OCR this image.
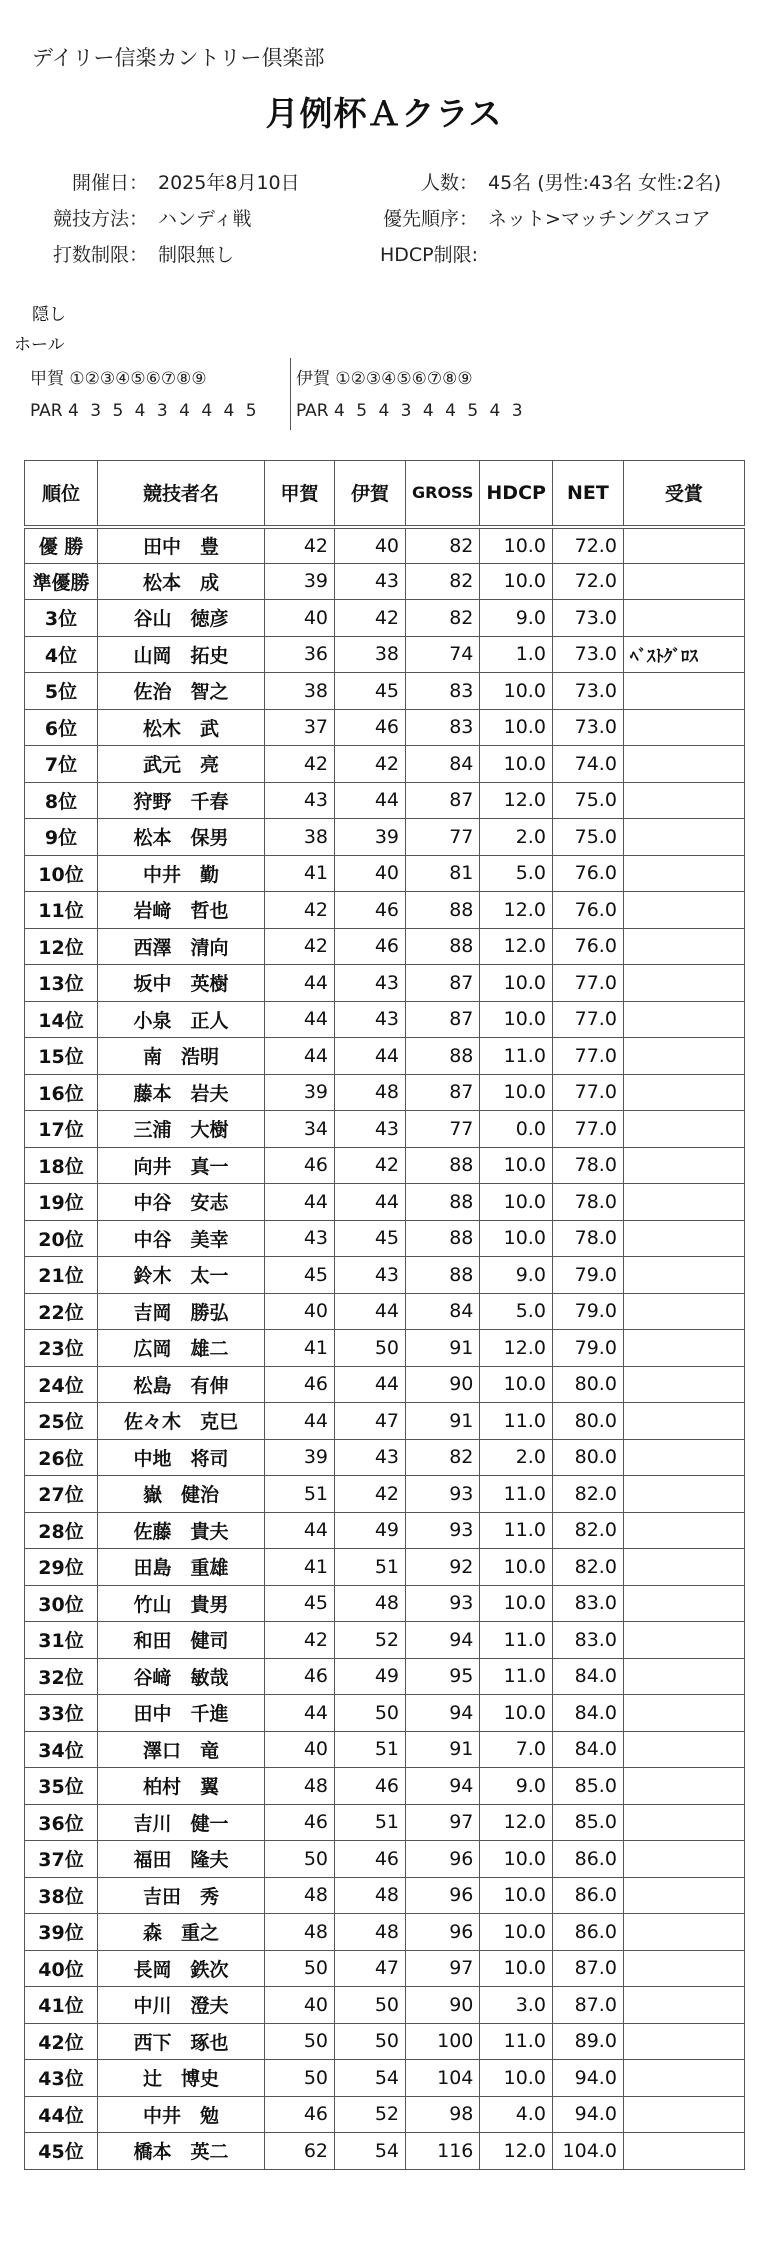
デイリー信楽カントリー倶楽部
月例杯Ａクラス
開催日： 2025年8月10日	人数： 45名 (男性:43名 女性:2名)
競技方法： ハンディ戦	優先順序： ネット>マッチングスコア
打数制限： 制限無し	HDCP制限:
隠し
ホール
甲賀 ①②③④⑤⑥⑦⑧⑨	伊賀 ①②③④⑤⑥⑦⑧⑨
PAR 4 3 5 4 3 4 4 4 5 PAR 4 5 4 3 4 4 5 4 3
順位	競技者名	甲賀	伊賀	GROSS	HDCP	NET	受賞
優 勝	田中　豊	42	40	82	10.0	72.0	
準優勝	松本　成	39	43	82	10.0	72.0	
3位	谷山　徳彦	40	42	82	9.0	73.0	
4位	山岡　拓史	36	38	74	1.0	73.0	ﾍﾞｽﾄｸﾞﾛｽ
5位	佐治　智之	38	45	83	10.0	73.0	
6位	松木　武	37	46	83	10.0	73.0	
7位	武元　亮	42	42	84	10.0	74.0	
8位	狩野　千春	43	44	87	12.0	75.0	
9位	松本　保男	38	39	77	2.0	75.0	
10位	中井　勤	41	40	81	5.0	76.0	
11位	岩﨑　哲也	42	46	88	12.0	76.0	
12位	西澤　清向	42	46	88	12.0	76.0	
13位	坂中　英樹	44	43	87	10.0	77.0	
14位	小泉　正人	44	43	87	10.0	77.0	
15位	南　浩明	44	44	88	11.0	77.0	
16位	藤本　岩夫	39	48	87	10.0	77.0	
17位	三浦　大樹	34	43	77	0.0	77.0	
18位	向井　真一	46	42	88	10.0	78.0	
19位	中谷　安志	44	44	88	10.0	78.0	
20位	中谷　美幸	43	45	88	10.0	78.0	
21位	鈴木　太一	45	43	88	9.0	79.0	
22位	吉岡　勝弘	40	44	84	5.0	79.0	
23位	広岡　雄二	41	50	91	12.0	79.0	
24位	松島　有伸	46	44	90	10.0	80.0	
25位	佐々木　克巳	44	47	91	11.0	80.0	
26位	中地　将司	39	43	82	2.0	80.0	
27位	嶽　健治	51	42	93	11.0	82.0	
28位	佐藤　貴夫	44	49	93	11.0	82.0	
29位	田島　重雄	41	51	92	10.0	82.0	
30位	竹山　貴男	45	48	93	10.0	83.0	
31位	和田　健司	42	52	94	11.0	83.0	
32位	谷﨑　敏哉	46	49	95	11.0	84.0	
33位	田中　千進	44	50	94	10.0	84.0	
34位	澤口　竜	40	51	91	7.0	84.0	
35位	柏村　翼	48	46	94	9.0	85.0	
36位	吉川　健一	46	51	97	12.0	85.0	
37位	福田　隆夫	50	46	96	10.0	86.0	
38位	吉田　秀	48	48	96	10.0	86.0	
39位	森　重之	48	48	96	10.0	86.0	
40位	長岡　鉄次	50	47	97	10.0	87.0	
41位	中川　澄夫	40	50	90	3.0	87.0	
42位	西下　琢也	50	50	100	11.0	89.0	
43位	辻　博史	50	54	104	10.0	94.0	
44位	中井　勉	46	52	98	4.0	94.0	
45位	橋本　英二	62	54	116	12.0	104.0	
